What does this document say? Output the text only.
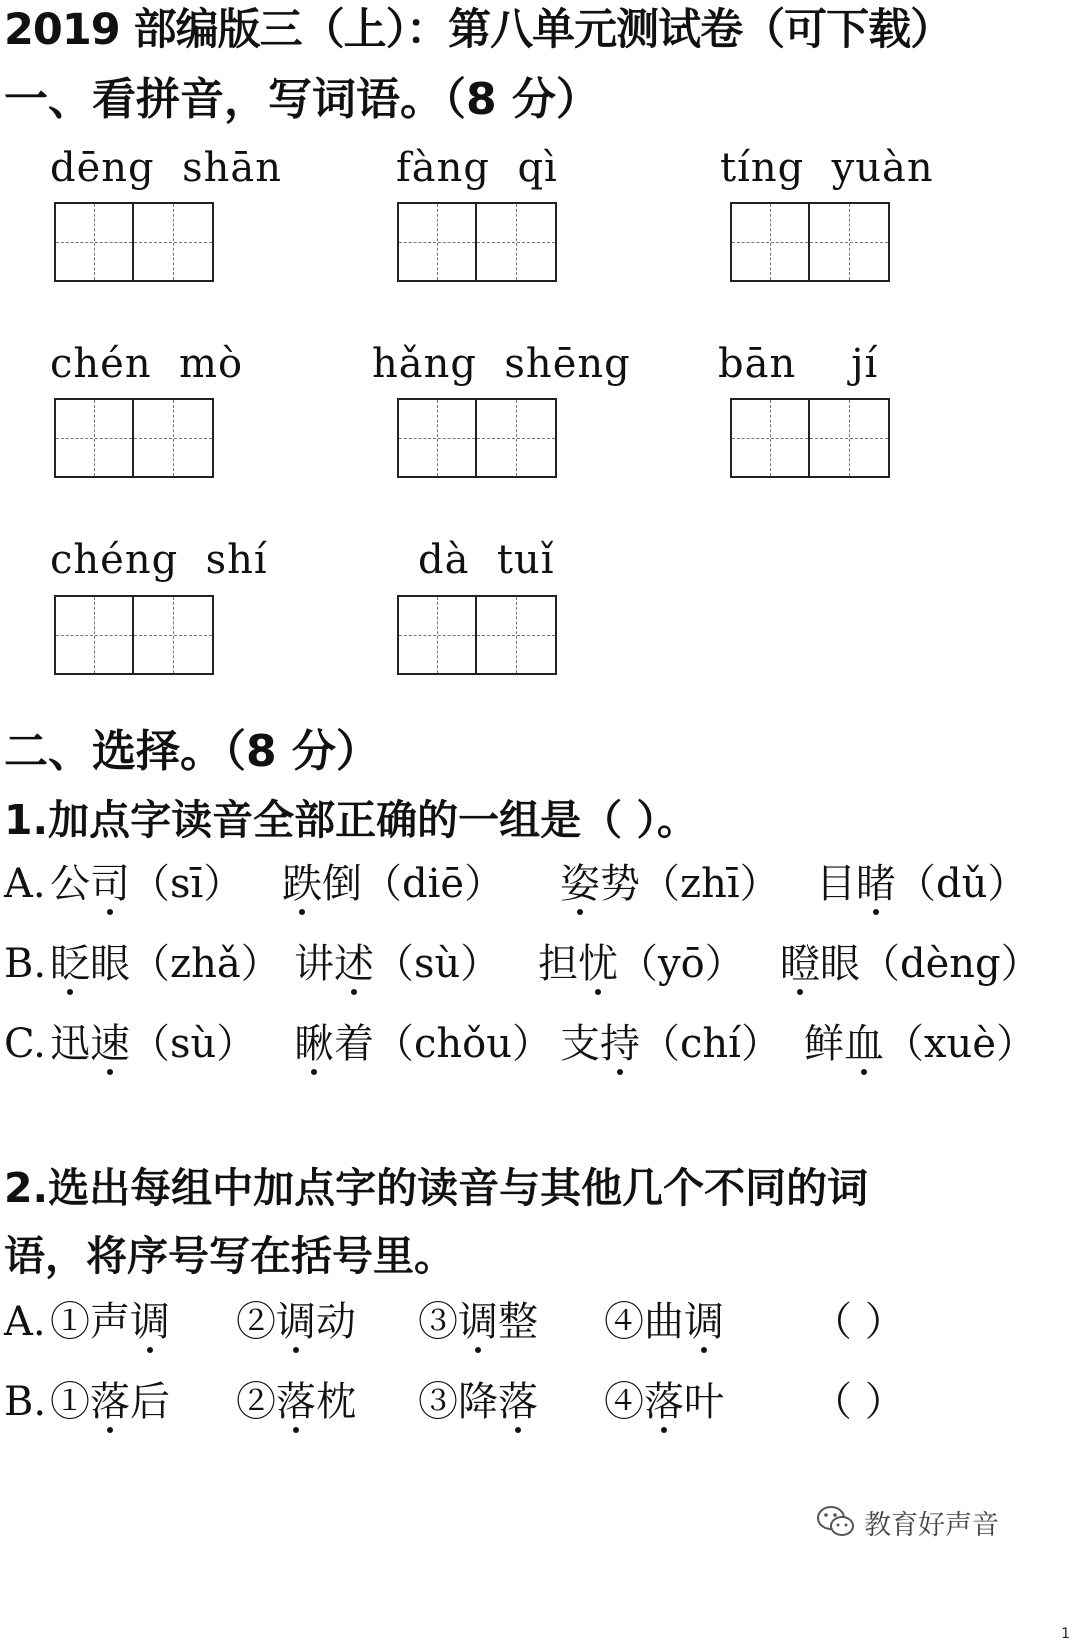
2019 部编版三（上）：第八单元测试卷（可下载）
一、看拼音，写词语。（8 分）
dēng  shān	fàng  qì	tíng  yuàn
chén  mò	hǎng  shēng bān    jí
chéng  shí	dà  tuǐ
二、选择。（8 分）
1.加点字读音全部正确的一组是（ ）。
A. 公司（sī） 跌倒（diē） 姿势（zhī） 目睹（dǔ）
B. 眨眼（zhǎ） 讲述（sù） 担忧（yō） 瞪眼（dèng）
C. 迅速（sù） 瞅着（chǒu） 支持（chí） 鲜血（xuè）
2.选出每组中加点字的读音与其他几个不同的词
语，将序号写在括号里。
A. ①声调 ②调动 ③调整 ④曲调 （ ）
B. ①落后 ②落枕 ③降落 ④落叶 （ ）
教育好声音
1
